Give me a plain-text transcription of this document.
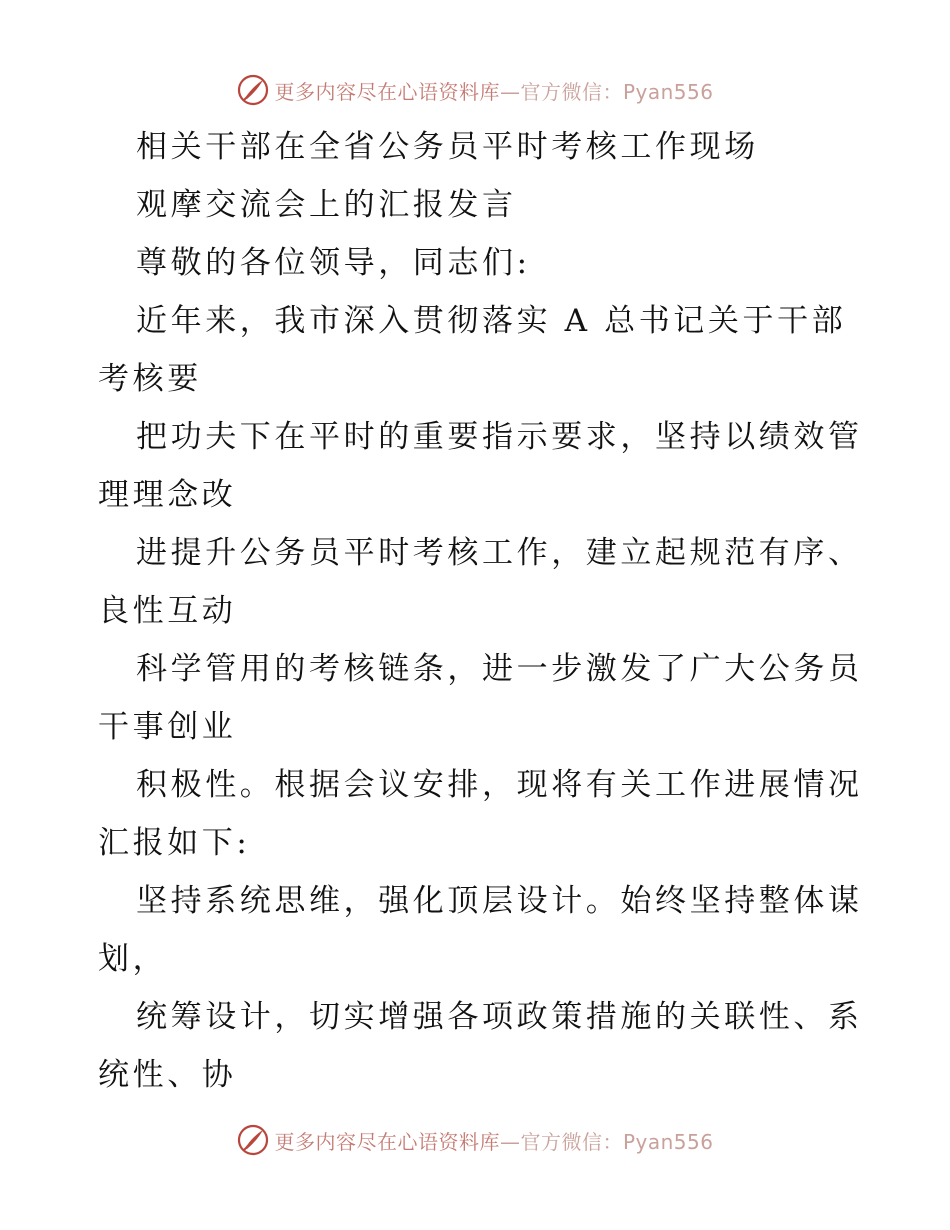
更多内容尽在心语资料库—官方微信：Pyan556
相关干部在全省公务员平时考核工作现场
观摩交流会上的汇报发言
尊敬的各位领导，同志们:
近年来，我市深入贯彻落实 A 总书记关于干部
考核要
把功夫下在平时的重要指示要求，坚持以绩效管
理理念改
进提升公务员平时考核工作，建立起规范有序、
良性互动
科学管用的考核链条，进一步激发了广大公务员
干事创业
积极性。根据会议安排，现将有关工作进展情况
汇报如下:
坚持系统思维，强化顶层设计。始终坚持整体谋
划，
统筹设计，切实增强各项政策措施的关联性、系
统性、协
更多内容尽在心语资料库—官方微信：Pyan556
